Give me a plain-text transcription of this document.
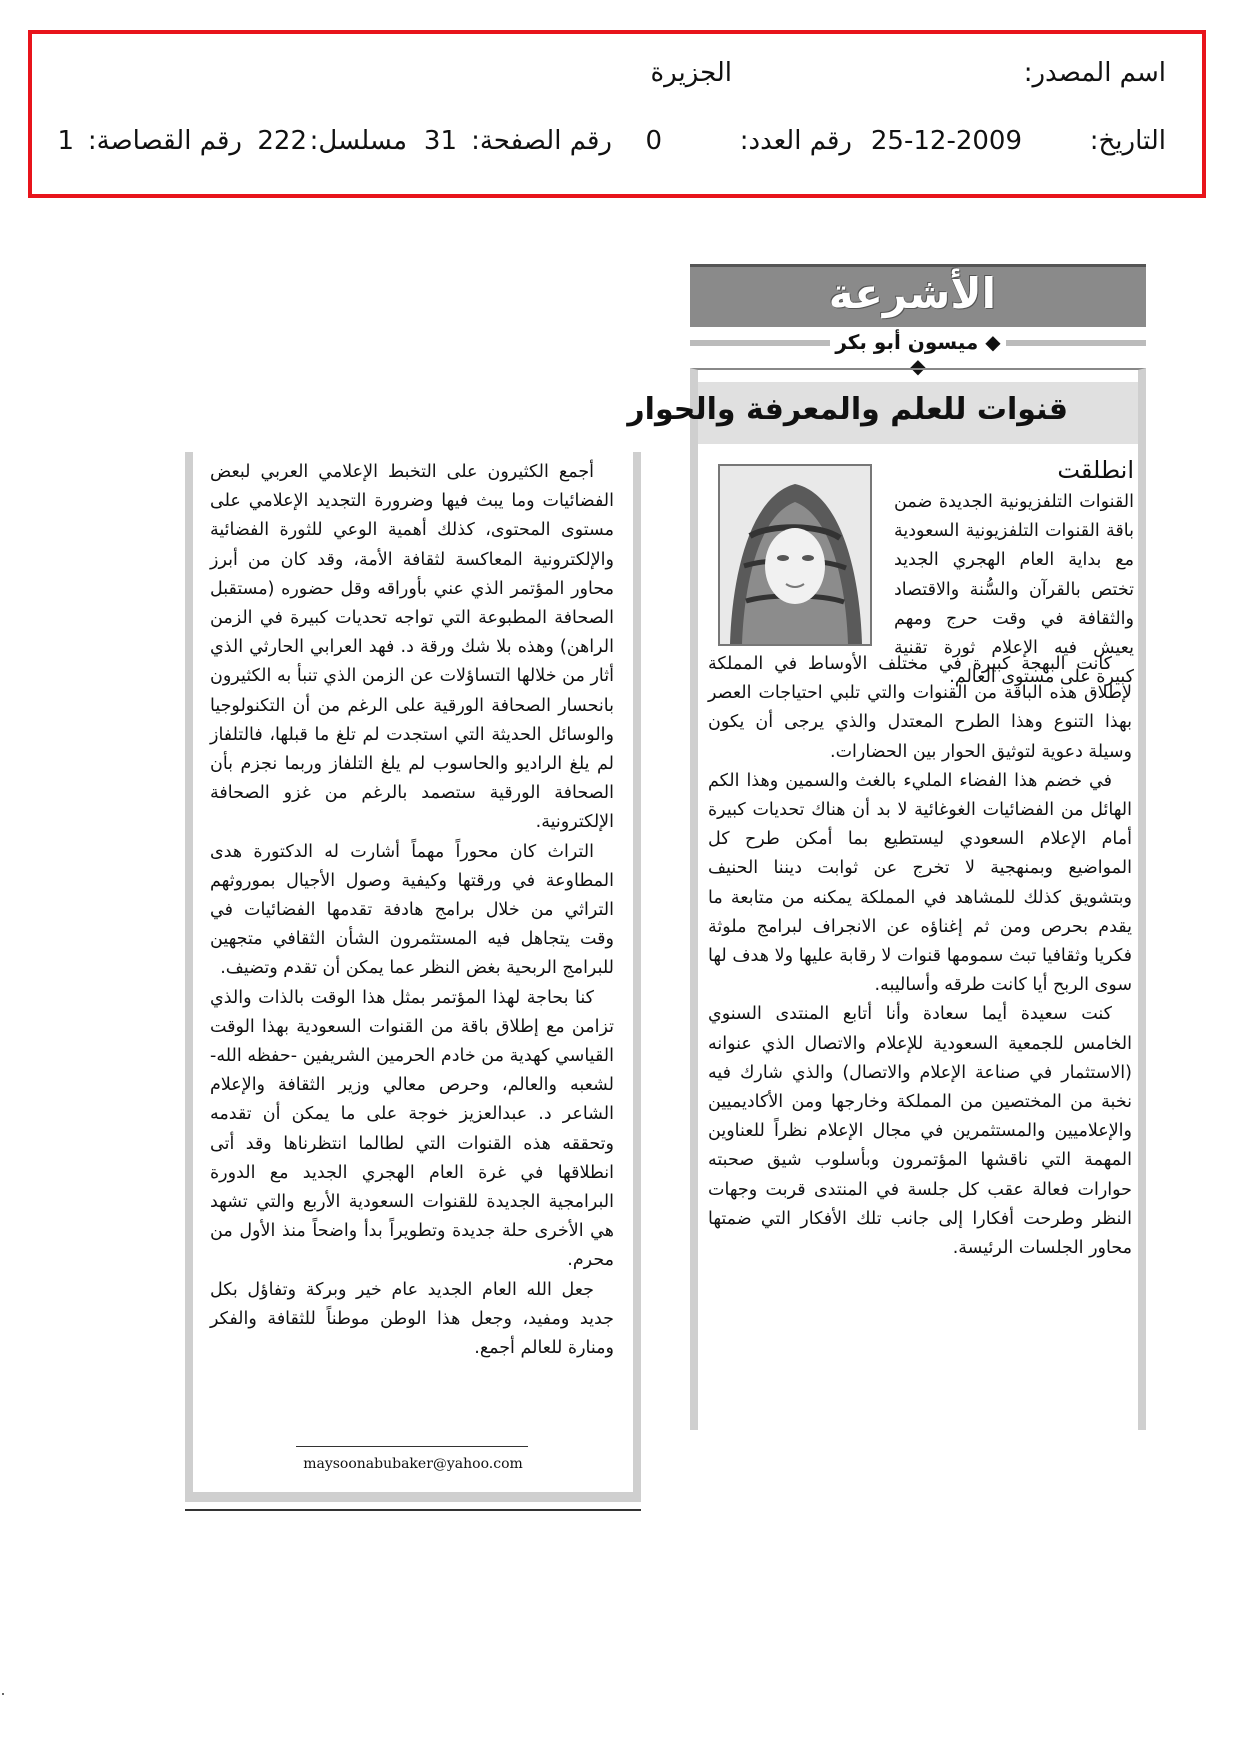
اسم المصدر:
الجزيرة
التاريخ:
25-12-2009
رقم العدد:
0
رقم الصفحة:
31
مسلسل:
222
رقم القصاصة:
1
الأشرعة
◆ ميسون أبو بكر ◆
قنوات للعلم والمعرفة والحوار

انطلقت

القنوات التلفزيونية الجديدة ضمن باقة القنوات التلفزيونية السعودية مع بداية العام الهجري الجديد تختص بالقرآن والسُّنة والاقتصاد والثقافة في وقت حرج ومهم يعيش فيه الإعلام ثورة تقنية كبيرة على مستوى العالم.

كانت البهجة كبيرة في مختلف الأوساط في المملكة لإطلاق هذه الباقة من القنوات والتي تلبي احتياجات العصر بهذا التنوع وهذا الطرح المعتدل والذي يرجى أن يكون وسيلة دعوية لتوثيق الحوار بين الحضارات.

في خضم هذا الفضاء المليء بالغث والسمين وهذا الكم الهائل من الفضائيات الغوغائية لا بد أن هناك تحديات كبيرة أمام الإعلام السعودي ليستطيع بما أمكن طرح كل المواضيع وبمنهجية لا تخرج عن ثوابت ديننا الحنيف وبتشويق كذلك للمشاهد في المملكة يمكنه من متابعة ما يقدم بحرص ومن ثم إغناؤه عن الانجراف لبرامج ملوثة فكريا وثقافيا تبث سمومها قنوات لا رقابة عليها ولا هدف لها سوى الربح أيا كانت طرقه وأساليبه.

كنت سعيدة أيما سعادة وأنا أتابع المنتدى السنوي الخامس للجمعية السعودية للإعلام والاتصال الذي عنوانه (الاستثمار في صناعة الإعلام والاتصال) والذي شارك فيه نخبة من المختصين من المملكة وخارجها ومن الأكاديميين والإعلاميين والمستثمرين في مجال الإعلام نظراً للعناوين المهمة التي ناقشها المؤتمرون وبأسلوب شيق صحبته حوارات فعالة عقب كل جلسة في المنتدى قربت وجهات النظر وطرحت أفكارا إلى جانب تلك الأفكار التي ضمتها محاور الجلسات الرئيسة.

أجمع الكثيرون على التخبط الإعلامي العربي لبعض الفضائيات وما يبث فيها وضرورة التجديد الإعلامي على مستوى المحتوى، كذلك أهمية الوعي للثورة الفضائية والإلكترونية المعاكسة لثقافة الأمة، وقد كان من أبرز محاور المؤتمر الذي عني بأوراقه وقل حضوره (مستقبل الصحافة المطبوعة التي تواجه تحديات كبيرة في الزمن الراهن) وهذه بلا شك ورقة د. فهد العرابي الحارثي الذي أثار من خلالها التساؤلات عن الزمن الذي تنبأ به الكثيرون بانحسار الصحافة الورقية على الرغم من أن التكنولوجيا والوسائل الحديثة التي استجدت لم تلغ ما قبلها، فالتلفاز لم يلغ الراديو والحاسوب لم يلغ التلفاز وربما نجزم بأن الصحافة الورقية ستصمد بالرغم من غزو الصحافة الإلكترونية.

التراث كان محوراً مهماً أشارت له الدكتورة هدى المطاوعة في ورقتها وكيفية وصول الأجيال بموروثهم التراثي من خلال برامج هادفة تقدمها الفضائيات في وقت يتجاهل فيه المستثمرون الشأن الثقافي متجهين للبرامج الربحية بغض النظر عما يمكن أن تقدم وتضيف.

كنا بحاجة لهذا المؤتمر بمثل هذا الوقت بالذات والذي تزامن مع إطلاق باقة من القنوات السعودية بهذا الوقت القياسي كهدية من خادم الحرمين الشريفين -حفظه الله- لشعبه والعالم، وحرص معالي وزير الثقافة والإعلام الشاعر د. عبدالعزيز خوجة على ما يمكن أن تقدمه وتحققه هذه القنوات التي لطالما انتظرناها وقد أتى انطلاقها في غرة العام الهجري الجديد مع الدورة البرامجية الجديدة للقنوات السعودية الأربع والتي تشهد هي الأخرى حلة جديدة وتطويراً بدأ واضحاً منذ الأول من محرم.

جعل الله العام الجديد عام خير وبركة وتفاؤل بكل جديد ومفيد، وجعل هذا الوطن موطناً للثقافة والفكر ومنارة للعالم أجمع.

maysoonabubaker@yahoo.com
